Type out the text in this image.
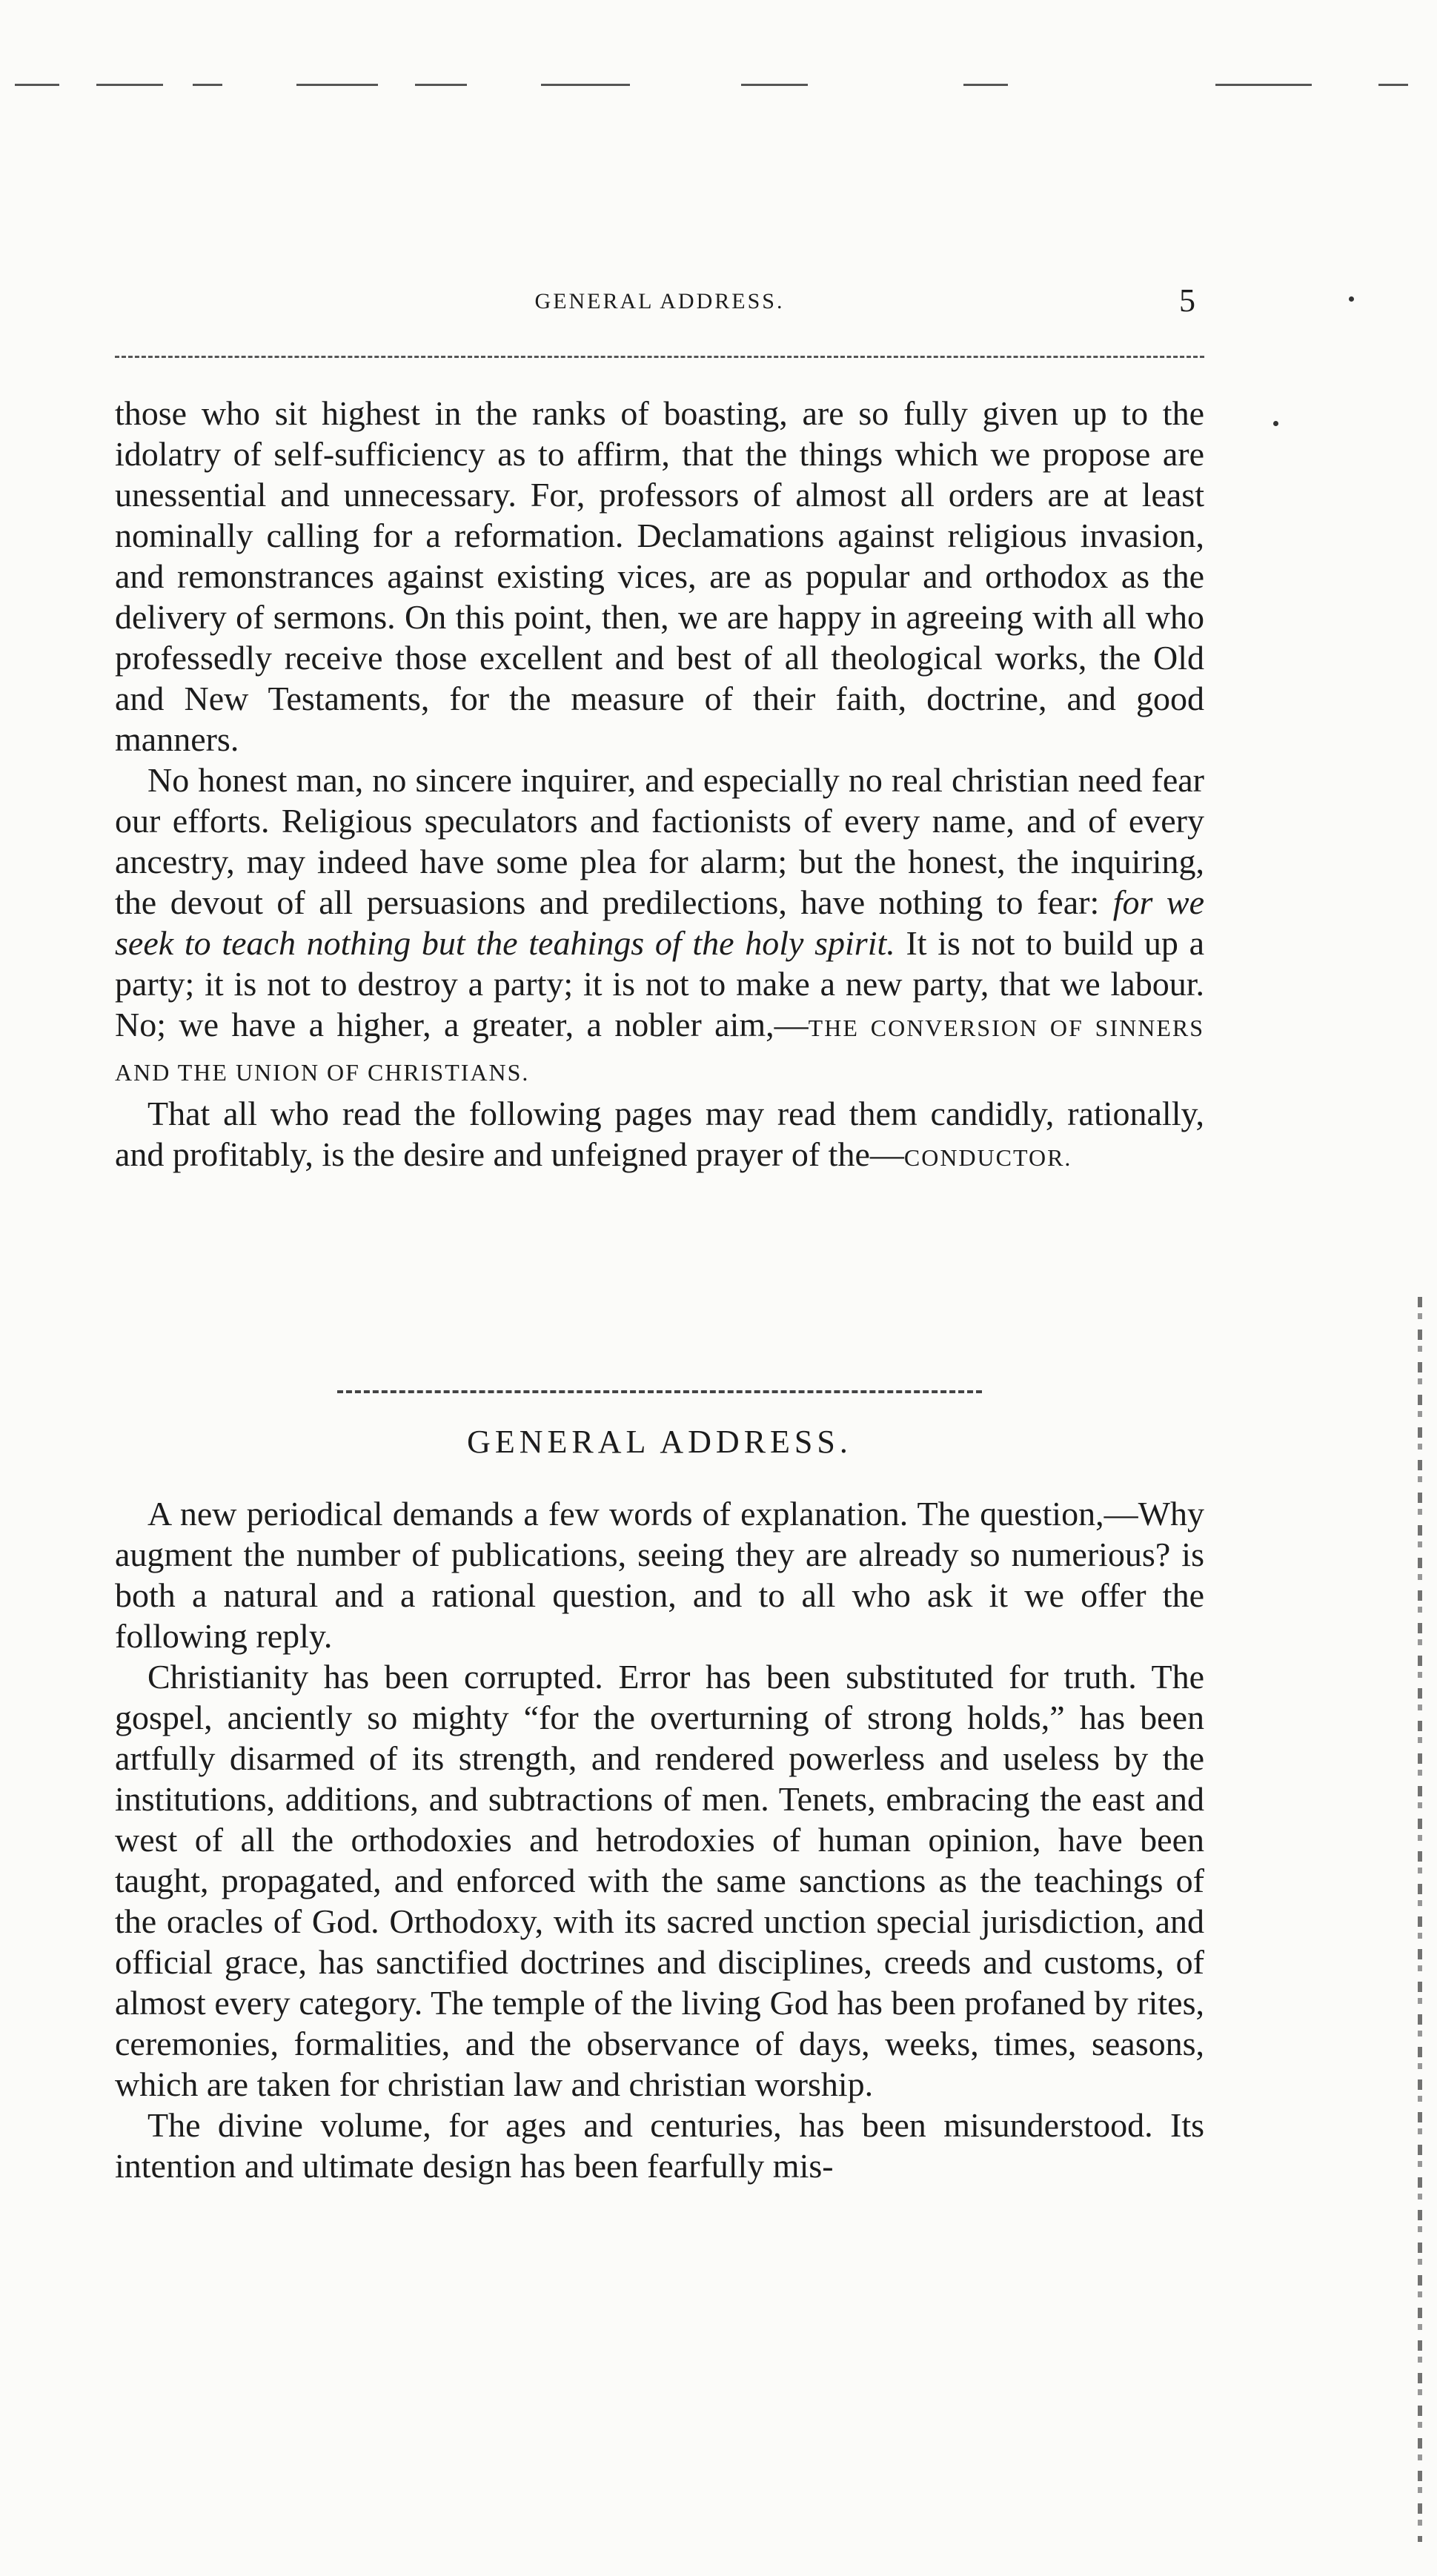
GENERAL ADDRESS.	5

those who sit highest in the ranks of boasting, are so fully given up to the idolatry of self-sufficiency as to affirm, that the things which we propose are unessential and unnecessary. For, professors of almost all orders are at least nominally calling for a reformation. Declamations against religious invasion, and remonstrances against existing vices, are as popular and orthodox as the delivery of sermons. On this point, then, we are happy in agreeing with all who professedly receive those excellent and best of all theological works, the Old and New Testaments, for the measure of their faith, doctrine, and good manners.

No honest man, no sincere inquirer, and especially no real christian need fear our efforts. Religious speculators and factionists of every name, and of every ancestry, may indeed have some plea for alarm; but the honest, the inquiring, the devout of all persuasions and predilections, have nothing to fear: for we seek to teach nothing but the teahings of the holy spirit. It is not to build up a party; it is not to destroy a party; it is not to make a new party, that we labour. No; we have a higher, a greater, a nobler aim,—THE CONVERSION OF SINNERS AND THE UNION OF CHRISTIANS.

That all who read the following pages may read them candidly, rationally, and profitably, is the desire and unfeigned prayer of the—CONDUCTOR.

GENERAL ADDRESS.

A new periodical demands a few words of explanation. The question,—Why augment the number of publications, seeing they are already so numerious? is both a natural and a rational question, and to all who ask it we offer the following reply.

Christianity has been corrupted. Error has been substituted for truth. The gospel, anciently so mighty “for the overturning of strong holds,” has been artfully disarmed of its strength, and rendered powerless and useless by the institutions, additions, and subtractions of men. Tenets, embracing the east and west of all the orthodoxies and hetrodoxies of human opinion, have been taught, propagated, and enforced with the same sanctions as the teachings of the oracles of God. Orthodoxy, with its sacred unction special jurisdiction, and official grace, has sanctified doctrines and disciplines, creeds and customs, of almost every category. The temple of the living God has been profaned by rites, ceremonies, formalities, and the observance of days, weeks, times, seasons, which are taken for christian law and christian worship.

The divine volume, for ages and centuries, has been misunderstood. Its intention and ultimate design has been fearfully mis-
